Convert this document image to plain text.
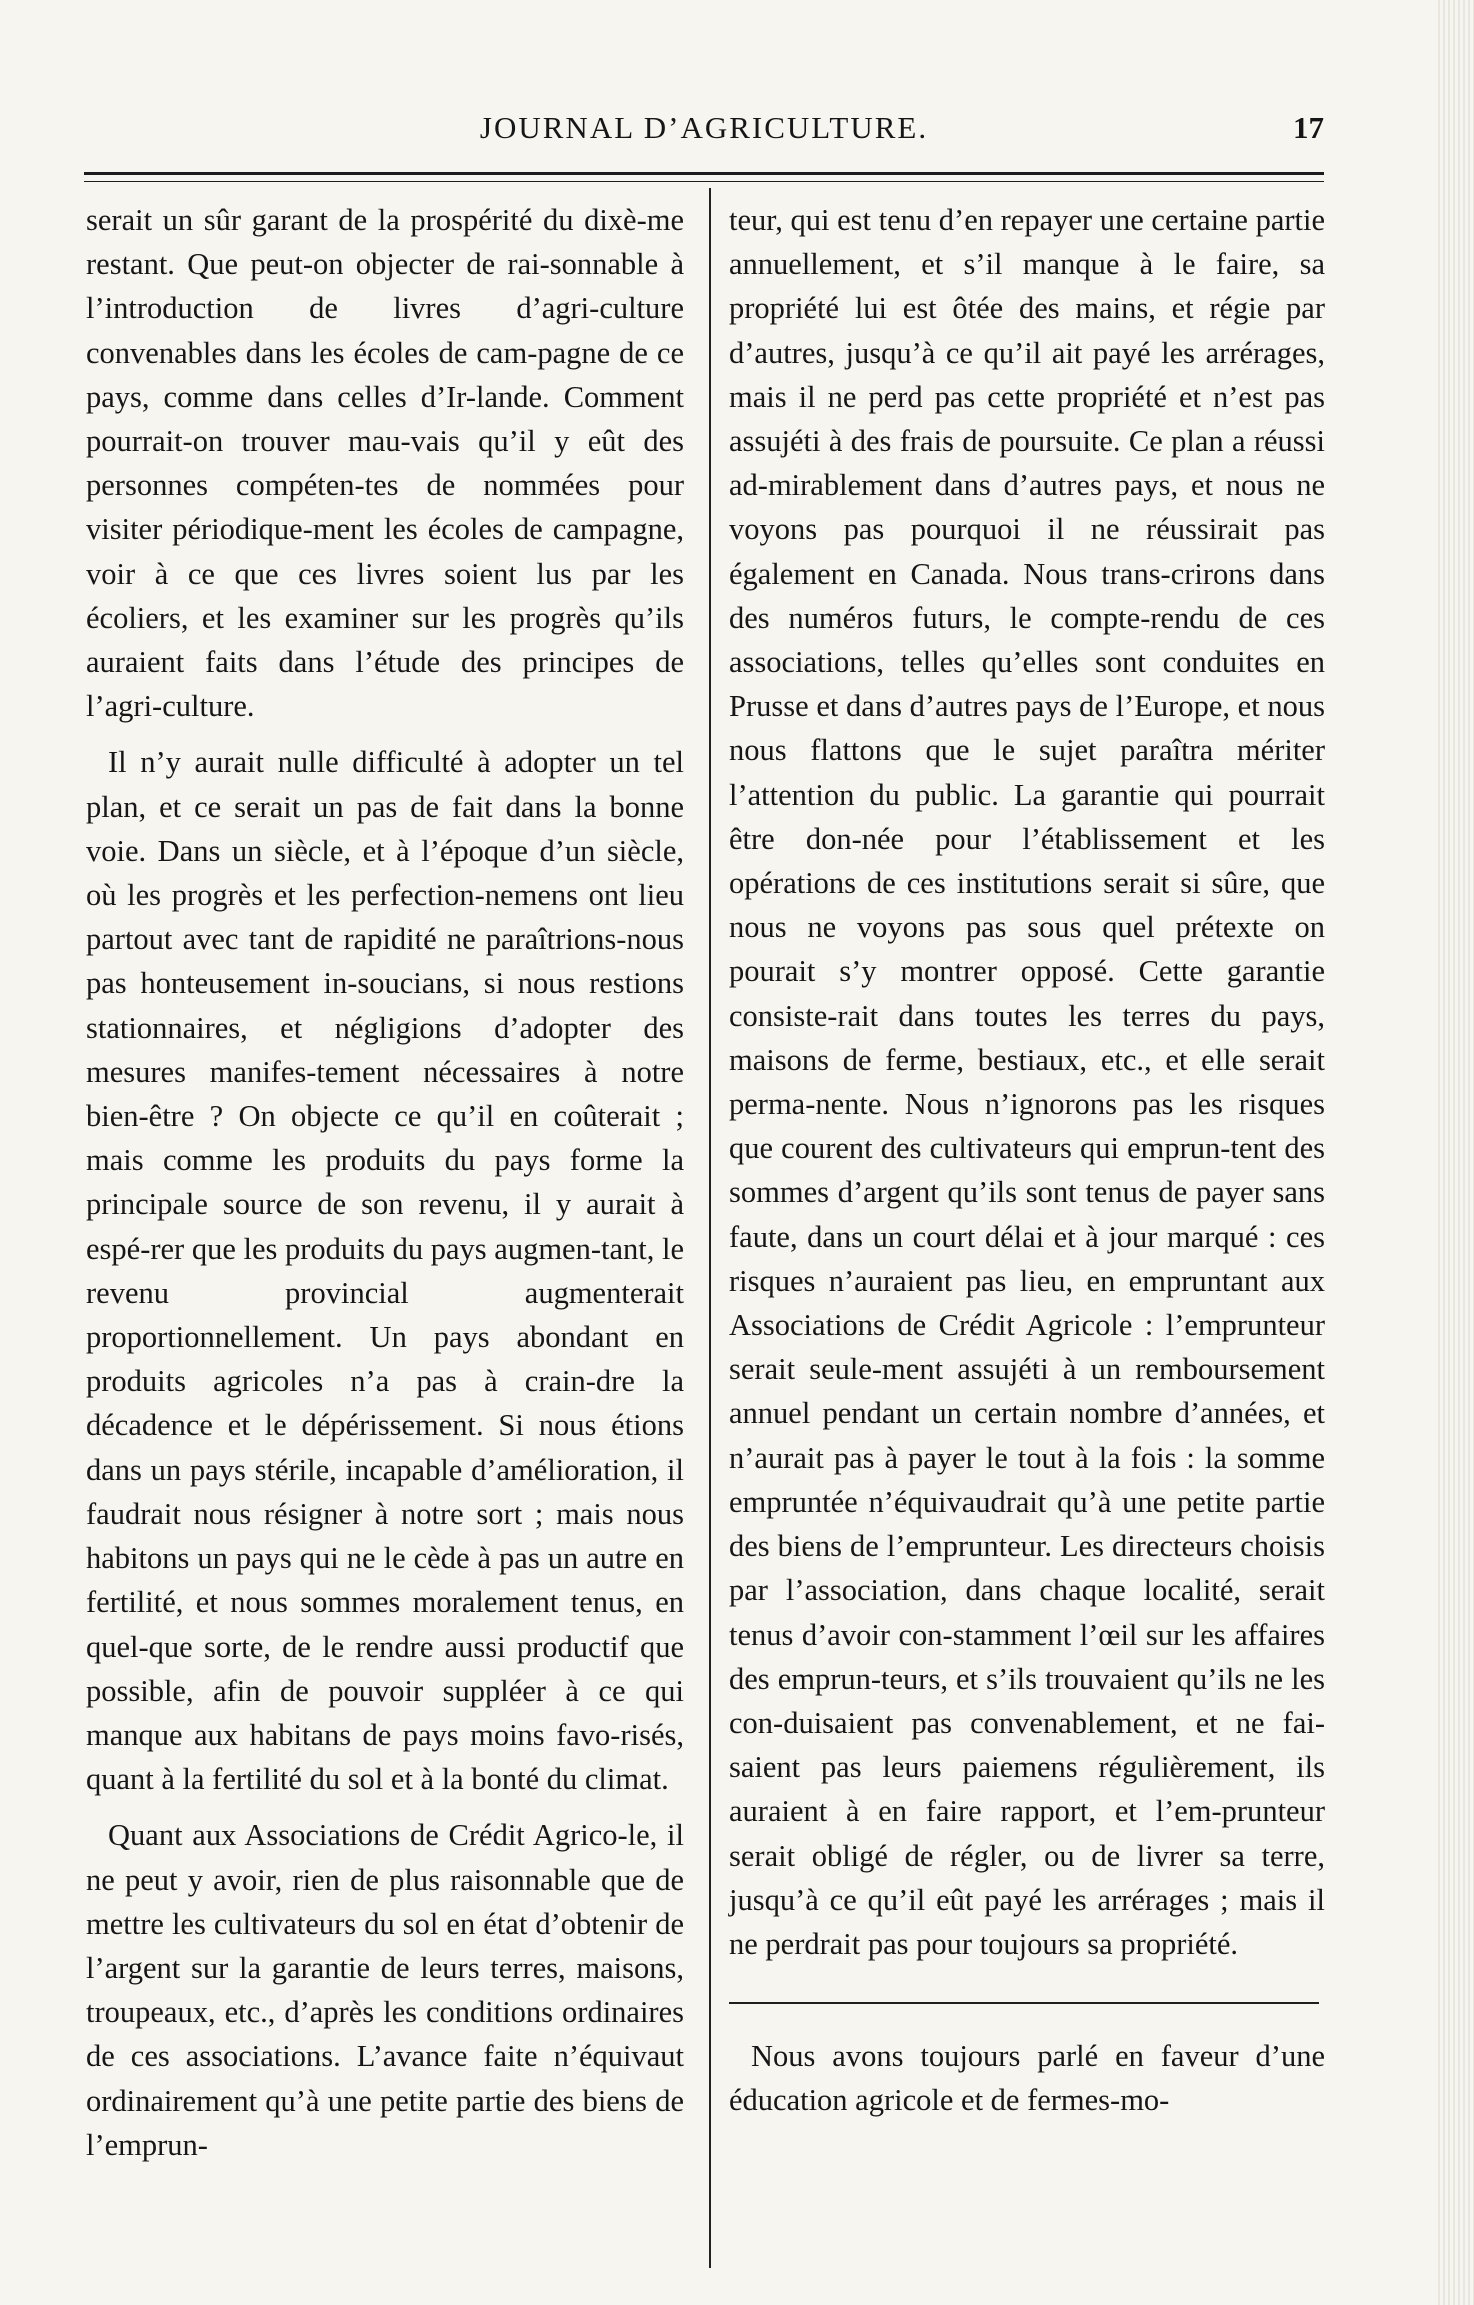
JOURNAL D’AGRICULTURE.	17

serait un sûr garant de la prospérité du dixè-me restant. Que peut-on objecter de rai-sonnable à l’introduction de livres d’agri-culture convenables dans les écoles de cam-pagne de ce pays, comme dans celles d’Ir-lande. Comment pourrait-on trouver mau-vais qu’il y eût des personnes compéten-tes de nommées pour visiter périodique-ment les écoles de campagne, voir à ce que ces livres soient lus par les écoliers, et les examiner sur les progrès qu’ils auraient faits dans l’étude des principes de l’agri-culture.

Il n’y aurait nulle difficulté à adopter un tel plan, et ce serait un pas de fait dans la bonne voie. Dans un siècle, et à l’époque d’un siècle, où les progrès et les perfection-nemens ont lieu partout avec tant de rapidité ne paraîtrions-nous pas honteusement in-soucians, si nous restions stationnaires, et négligions d’adopter des mesures manifes-tement nécessaires à notre bien-être ? On objecte ce qu’il en coûterait ; mais comme les produits du pays forme la principale source de son revenu, il y aurait à espé-rer que les produits du pays augmen-tant, le revenu provincial augmenterait proportionnellement. Un pays abondant en produits agricoles n’a pas à crain-dre la décadence et le dépérissement. Si nous étions dans un pays stérile, incapable d’amélioration, il faudrait nous résigner à notre sort ; mais nous habitons un pays qui ne le cède à pas un autre en fertilité, et nous sommes moralement tenus, en quel-que sorte, de le rendre aussi productif que possible, afin de pouvoir suppléer à ce qui manque aux habitans de pays moins favo-risés, quant à la fertilité du sol et à la bonté du climat.

Quant aux Associations de Crédit Agrico-le, il ne peut y avoir, rien de plus raisonnable que de mettre les cultivateurs du sol en état d’obtenir de l’argent sur la garantie de leurs terres, maisons, troupeaux, etc., d’après les conditions ordinaires de ces associations. L’avance faite n’équivaut ordinairement qu’à une petite partie des biens de l’emprun-

teur, qui est tenu d’en repayer une certaine partie annuellement, et s’il manque à le faire, sa propriété lui est ôtée des mains, et régie par d’autres, jusqu’à ce qu’il ait payé les arrérages, mais il ne perd pas cette propriété et n’est pas assujéti à des frais de poursuite. Ce plan a réussi ad-mirablement dans d’autres pays, et nous ne voyons pas pourquoi il ne réussirait pas également en Canada. Nous trans-crirons dans des numéros futurs, le compte-rendu de ces associations, telles qu’elles sont conduites en Prusse et dans d’autres pays de l’Europe, et nous nous flattons que le sujet paraîtra mériter l’attention du public. La garantie qui pourrait être don-née pour l’établissement et les opérations de ces institutions serait si sûre, que nous ne voyons pas sous quel prétexte on pourait s’y montrer opposé. Cette garantie consiste-rait dans toutes les terres du pays, maisons de ferme, bestiaux, etc., et elle serait perma-nente. Nous n’ignorons pas les risques que courent des cultivateurs qui emprun-tent des sommes d’argent qu’ils sont tenus de payer sans faute, dans un court délai et à jour marqué : ces risques n’auraient pas lieu, en empruntant aux Associations de Crédit Agricole : l’emprunteur serait seule-ment assujéti à un remboursement annuel pendant un certain nombre d’années, et n’aurait pas à payer le tout à la fois : la somme empruntée n’équivaudrait qu’à une petite partie des biens de l’emprunteur. Les directeurs choisis par l’association, dans chaque localité, serait tenus d’avoir con-stamment l’œil sur les affaires des emprun-teurs, et s’ils trouvaient qu’ils ne les con-duisaient pas convenablement, et ne fai-saient pas leurs paiemens régulièrement, ils auraient à en faire rapport, et l’em-prunteur serait obligé de régler, ou de livrer sa terre, jusqu’à ce qu’il eût payé les arrérages ; mais il ne perdrait pas pour toujours sa propriété.

Nous avons toujours parlé en faveur d’une éducation agricole et de fermes-mo-
